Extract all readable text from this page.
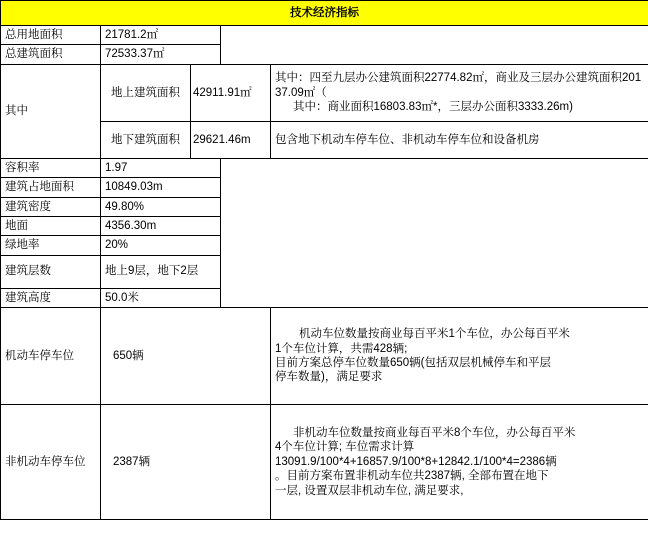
技术经济指标				
总用地面积	21781.2㎡			
总建筑面积	72533.37㎡			
其中	地上建筑面积	42911.91㎡		其中：四至九层办公建筑面积22774.82㎡，商业及三层办公建筑面积20137.09㎡（
其中：商业面积16803.83㎡*，三层办公面积3333.26m)

	地下建筑面积	29621.46m		包含地下机动车停车位、非机动车停车位和设备机房
容积率	1.97			
建筑占地面积	10849.03m			
建筑密度	49.80%			
地面	4356.30m			
绿地率	20%			
建筑层数	地上9层，地下2层			
建筑高度	50.0米			
机动车停车位	650辆			机动车位数量按商业每百平米1个车位，办公每百平米
1个车位计算，共需428辆;
目前方案总停车位数量650辆(包括双层机械停车和平层
停车数量)，满足要求

非机动车停车位	2387辆			非机动车位数量按商业每百平米8个车位，办公每百平米
4个车位计算; 车位需求计算
13091.9/100*4+16857.9/100*8+12842.1/100*4=2386辆
。目前方案布置非机动车位共2387辆, 全部布置在地下
一层, 设置双层非机动车位, 满足要求,
